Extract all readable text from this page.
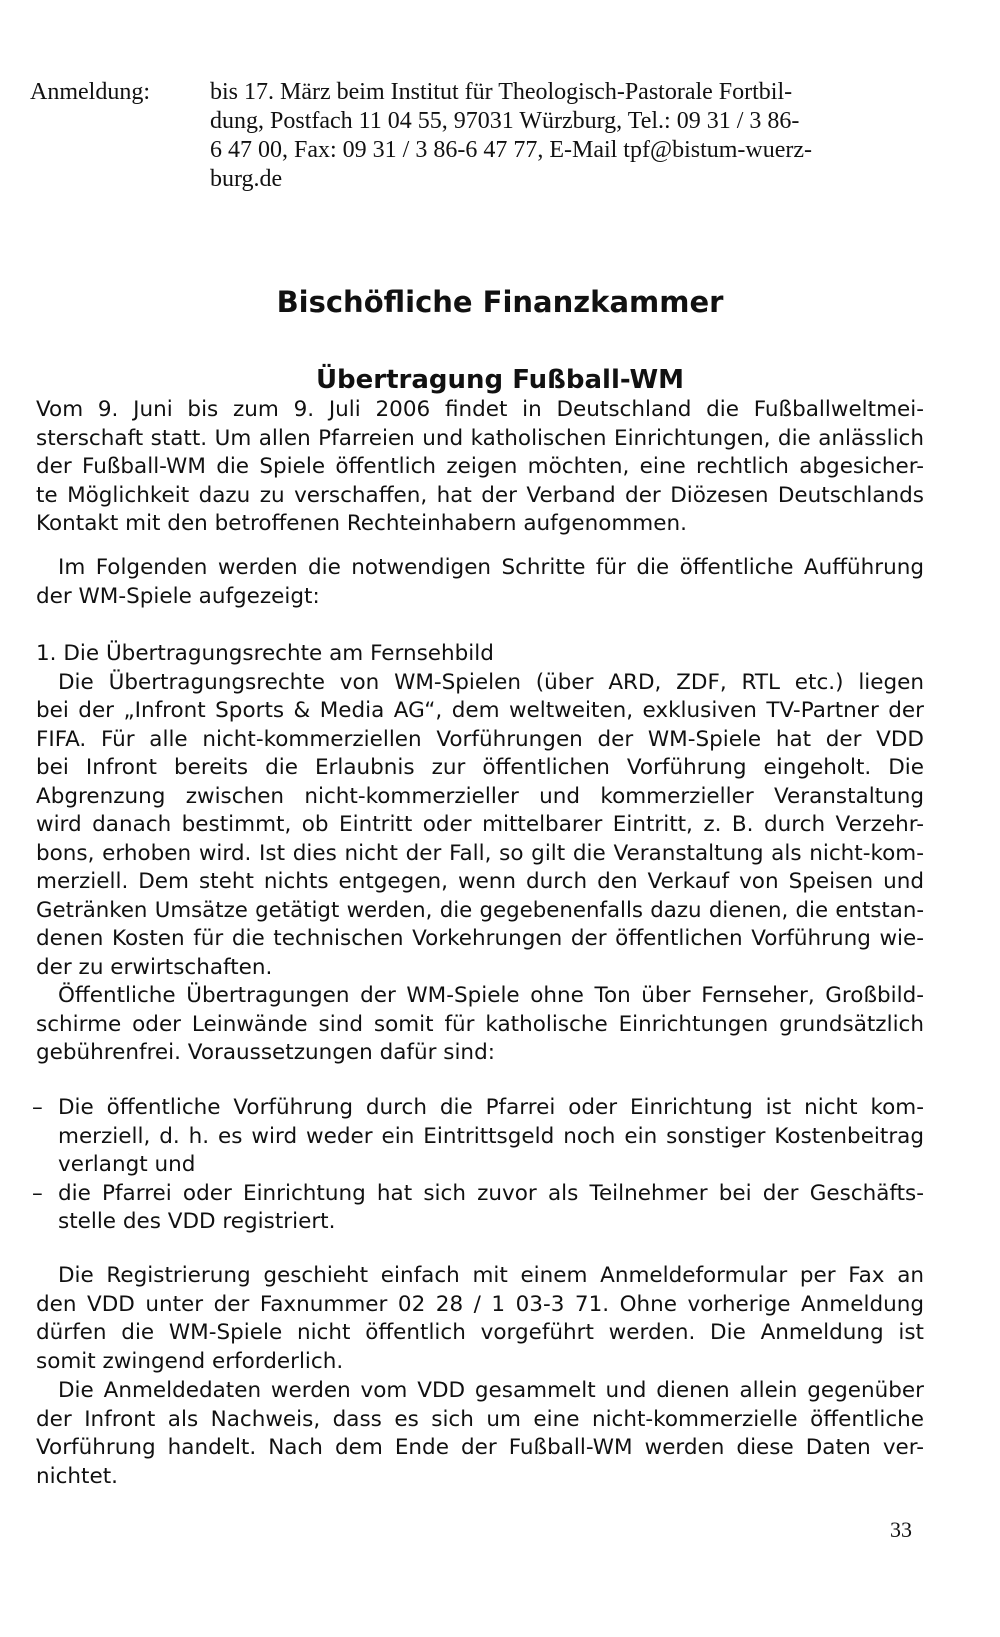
Anmeldung:	bis 17. März beim Institut für Theologisch-Pastorale Fortbil-
dung, Postfach 11 04 55, 97031 Würzburg, Tel.: 09 31 / 3 86-
6 47 00, Fax: 09 31 / 3 86-6 47 77, E-Mail tpf@bistum-wuerz-
burg.de
Bischöfliche Finanzkammer
Übertragung Fußball-WM
Vom 9. Juni bis zum 9. Juli 2006 findet in Deutschland die Fußballweltmei-
sterschaft statt. Um allen Pfarreien und katholischen Einrichtungen, die anlässlich
der Fußball-WM die Spiele öffentlich zeigen möchten, eine rechtlich abgesicher-
te Möglichkeit dazu zu verschaffen, hat der Verband der Diözesen Deutschlands
Kontakt mit den betroffenen Rechteinhabern aufgenommen.
Im Folgenden werden die notwendigen Schritte für die öffentliche Aufführung
der WM-Spiele aufgezeigt:
1. Die Übertragungsrechte am Fernsehbild
Die Übertragungsrechte von WM-Spielen (über ARD, ZDF, RTL etc.) liegen
bei der „Infront Sports & Media AG“, dem weltweiten, exklusiven TV-Partner der
FIFA. Für alle nicht-kommerziellen Vorführungen der WM-Spiele hat der VDD
bei Infront bereits die Erlaubnis zur öffentlichen Vorführung eingeholt. Die
Abgrenzung zwischen nicht-kommerzieller und kommerzieller Veranstaltung
wird danach bestimmt, ob Eintritt oder mittelbarer Eintritt, z. B. durch Verzehr-
bons, erhoben wird. Ist dies nicht der Fall, so gilt die Veranstaltung als nicht-kom-
merziell. Dem steht nichts entgegen, wenn durch den Verkauf von Speisen und
Getränken Umsätze getätigt werden, die gegebenenfalls dazu dienen, die entstan-
denen Kosten für die technischen Vorkehrungen der öffentlichen Vorführung wie-
der zu erwirtschaften.
Öffentliche Übertragungen der WM-Spiele ohne Ton über Fernseher, Großbild-
schirme oder Leinwände sind somit für katholische Einrichtungen grundsätzlich
gebührenfrei. Voraussetzungen dafür sind:
– Die öffentliche Vorführung durch die Pfarrei oder Einrichtung ist nicht kom-
merziell, d. h. es wird weder ein Eintrittsgeld noch ein sonstiger Kostenbeitrag
verlangt und
– die Pfarrei oder Einrichtung hat sich zuvor als Teilnehmer bei der Geschäfts-
stelle des VDD registriert.
Die Registrierung geschieht einfach mit einem Anmeldeformular per Fax an
den VDD unter der Faxnummer 02 28 / 1 03-3 71. Ohne vorherige Anmeldung
dürfen die WM-Spiele nicht öffentlich vorgeführt werden. Die Anmeldung ist
somit zwingend erforderlich.
Die Anmeldedaten werden vom VDD gesammelt und dienen allein gegenüber
der Infront als Nachweis, dass es sich um eine nicht-kommerzielle öffentliche
Vorführung handelt. Nach dem Ende der Fußball-WM werden diese Daten ver-
nichtet.
33
